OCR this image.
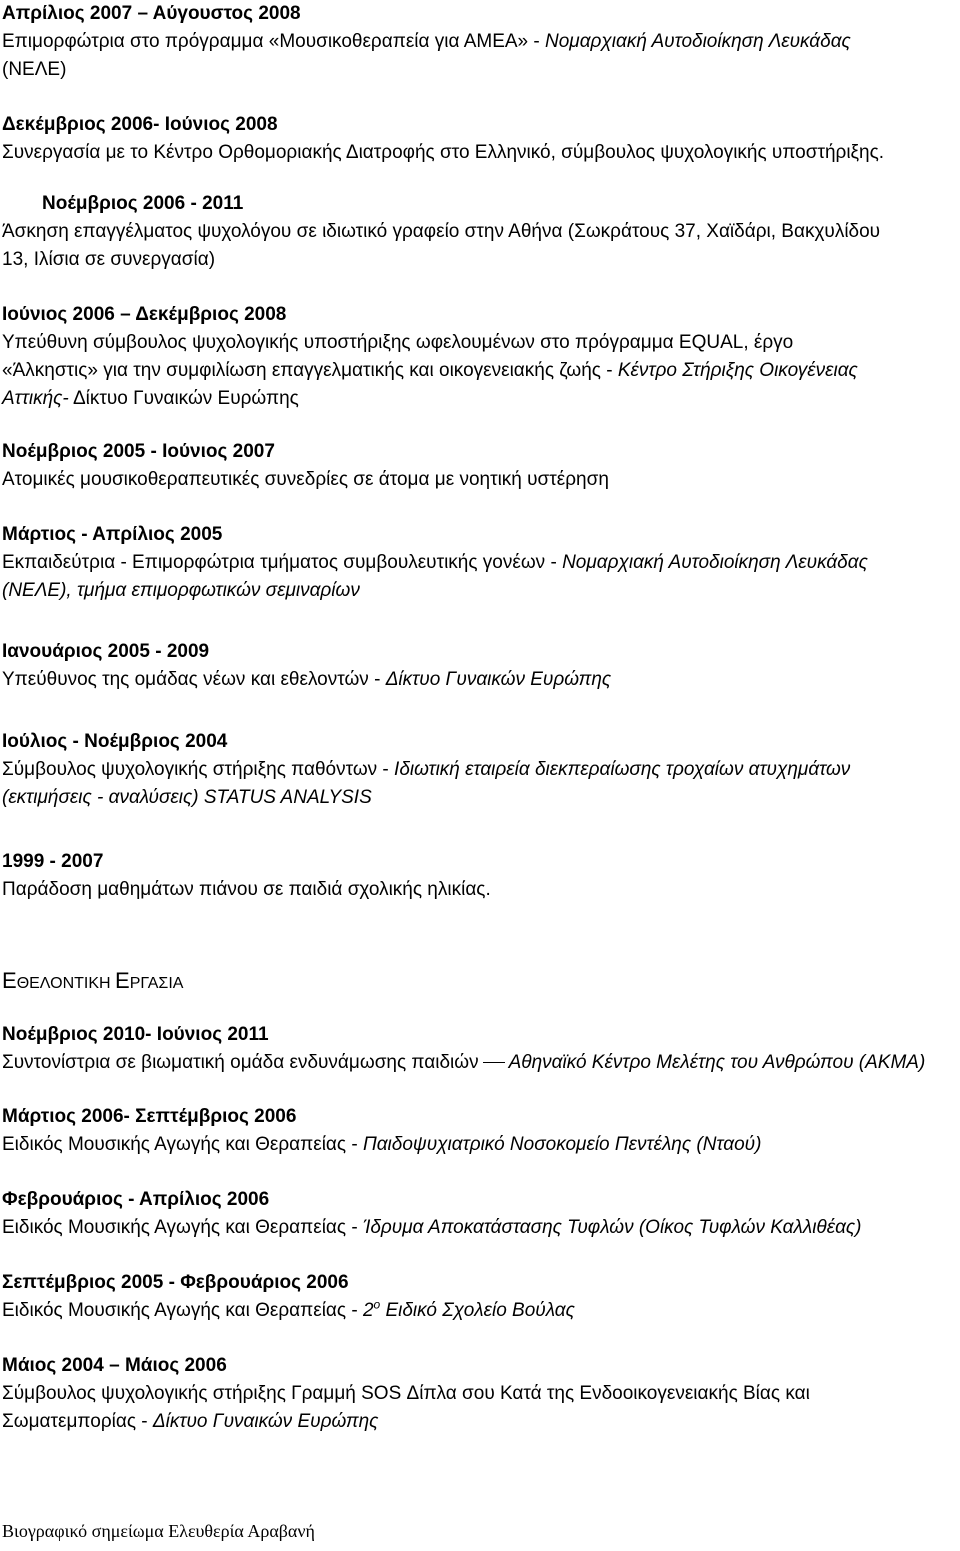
Απρίλιος 2007 – Αύγουστος 2008

Επιμορφώτρια στο πρόγραμμα «Μουσικοθεραπεία για ΑΜΕΑ» - Νομαρχιακή Αυτοδιοίκηση Λευκάδας

(ΝΕΛΕ)

Δεκέμβριος 2006- Ιούνιος 2008

Συνεργασία με το Κέντρο Ορθομοριακής Διατροφής στο Ελληνικό, σύμβουλος ψυχολογικής υποστήριξης.

Νοέμβριος 2006 - 2011

Άσκηση επαγγέλματος ψυχολόγου σε ιδιωτικό γραφείο στην Αθήνα (Σωκράτους 37, Χαϊδάρι, Βακχυλίδου

13, Ιλίσια σε συνεργασία)

Ιούνιος 2006 – Δεκέμβριος 2008

Υπεύθυνη σύμβουλος ψυχολογικής υποστήριξης ωφελουμένων στο πρόγραμμα EQUAL, έργο

«Άλκηστις» για την συμφιλίωση επαγγελματικής και οικογενειακής ζωής - Κέντρο Στήριξης Οικογένειας

Αττικής- Δίκτυο Γυναικών Ευρώπης

Νοέμβριος 2005 - Ιούνιος 2007

Ατομικές μουσικοθεραπευτικές συνεδρίες σε άτομα με νοητική υστέρηση

Μάρτιος - Απρίλιος 2005

Εκπαιδεύτρια - Επιμορφώτρια τμήματος συμβουλευτικής γονέων - Νομαρχιακή Αυτοδιοίκηση Λευκάδας

(ΝΕΛΕ), τμήμα επιμορφωτικών σεμιναρίων

Ιανουάριος 2005 - 2009

Υπεύθυνος της ομάδας νέων και εθελοντών - Δίκτυο Γυναικών Ευρώπης

Ιούλιος - Νοέμβριος 2004

Σύμβουλος ψυχολογικής στήριξης παθόντων - Ιδιωτική εταιρεία διεκπεραίωσης τροχαίων ατυχημάτων

(εκτιμήσεις - αναλύσεις) STATUS ANALYSIS

1999 - 2007

Παράδοση μαθημάτων πιάνου σε παιδιά σχολικής ηλικίας.

ΕΘΕΛΟΝΤΙΚΗ ΕΡΓΑΣΙΑ

Νοέμβριος 2010- Ιούνιος 2011

Συντονίστρια σε βιωματική ομάδα ενδυνάμωσης παιδιών Αθηναϊκό Κέντρο Μελέτης του Ανθρώπου (ΑΚΜΑ)

Μάρτιος 2006- Σεπτέμβριος 2006

Ειδικός Μουσικής Αγωγής και Θεραπείας - Παιδοψυχιατρικό Νοσοκομείο Πεντέλης (Νταού)

Φεβρουάριος - Απρίλιος 2006

Ειδικός Μουσικής Αγωγής και Θεραπείας - Ίδρυμα Αποκατάστασης Τυφλών (Οίκος Τυφλών Καλλιθέας)

Σεπτέμβριος 2005 - Φεβρουάριος 2006

Ειδικός Μουσικής Αγωγής και Θεραπείας - $2^o$ Ειδικό Σχολείο Βούλας

Μάιος 2004 – Μάιος 2006

Σύμβουλος ψυχολογικής στήριξης Γραμμή SOS Δίπλα σου Κατά της Ενδοοικογενειακής Βίας και

Σωματεμπορίας - Δίκτυο Γυναικών Ευρώπης

Βιογραφικό σημείωμα Ελευθερία Αραβανή
